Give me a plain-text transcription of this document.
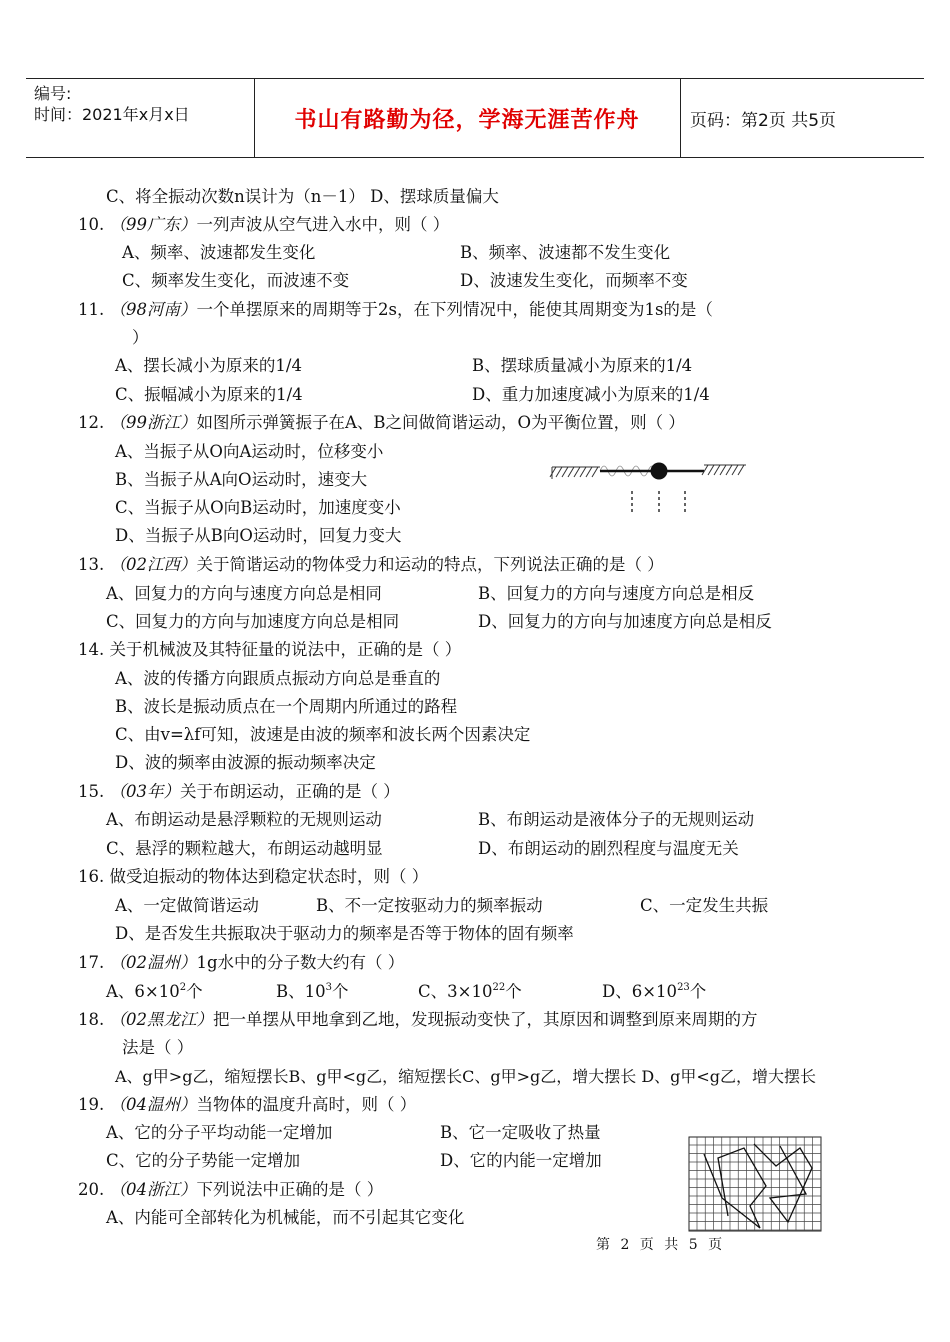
编号:
时间：2021年x月x日	书山有路勤为径，学海无涯苦作舟	页码：第2页 共5页
C、将全振动次数n误计为（n－1） D、摆球质量偏大
10. （99广东）一列声波从空气进入水中，则（ ）
A、频率、波速都发生变化	B、频率、波速都不发生变化
C、频率发生变化，而波速不变	D、波速发生变化，而频率不变
11. （98河南）一个单摆原来的周期等于2s，在下列情况中，能使其周期变为1s的是（
）
A、摆长减小为原来的1/4	B、摆球质量减小为原来的1/4
C、振幅减小为原来的1/4	D、重力加速度减小为原来的1/4
12. （99浙江）如图所示弹簧振子在A、B之间做简谐运动，O为平衡位置，则（ ）
A、当振子从O向A运动时，位移变小
B、当振子从A向O运动时，速变大
C、当振子从O向B运动时，加速度变小
D、当振子从B向O运动时，回复力变大
13. （02江西）关于简谐运动的物体受力和运动的特点，下列说法正确的是（ ）
A、回复力的方向与速度方向总是相同	B、回复力的方向与速度方向总是相反
C、回复力的方向与加速度方向总是相同	D、回复力的方向与加速度方向总是相反
14. 关于机械波及其特征量的说法中，正确的是（ ）
A、波的传播方向跟质点振动方向总是垂直的
B、波长是振动质点在一个周期内所通过的路程
C、由v=λf可知，波速是由波的频率和波长两个因素决定
D、波的频率由波源的振动频率决定
15. （03年）关于布朗运动，正确的是（ ）
A、布朗运动是悬浮颗粒的无规则运动	B、布朗运动是液体分子的无规则运动
C、悬浮的颗粒越大，布朗运动越明显	D、布朗运动的剧烈程度与温度无关
16. 做受迫振动的物体达到稳定状态时，则（ ）
A、一定做简谐运动	B、不一定按驱动力的频率振动	C、一定发生共振
D、是否发生共振取决于驱动力的频率是否等于物体的固有频率
17. （02温州）1g水中的分子数大约有（ ）
A、$6\times 10^2$个	B、$10^3$个	C、$3\times 10^{22}$个	D、$6\times 10^{23}$个
18. （02黑龙江）把一单摆从甲地拿到乙地，发现振动变快了，其原因和调整到原来周期的方
法是（ ）
A、g甲>g乙，缩短摆长B、g甲<g乙，缩短摆长C、g甲>g乙，增大摆长 D、g甲<g乙，增大摆长
19. （04温州）当物体的温度升高时，则（ ）
A、它的分子平均动能一定增加	B、它一定吸收了热量
C、它的分子势能一定增加	D、它的内能一定增加
20. （04浙江）下列说法中正确的是（ ）
A、内能可全部转化为机械能，而不引起其它变化
第 2 页 共 5 页
